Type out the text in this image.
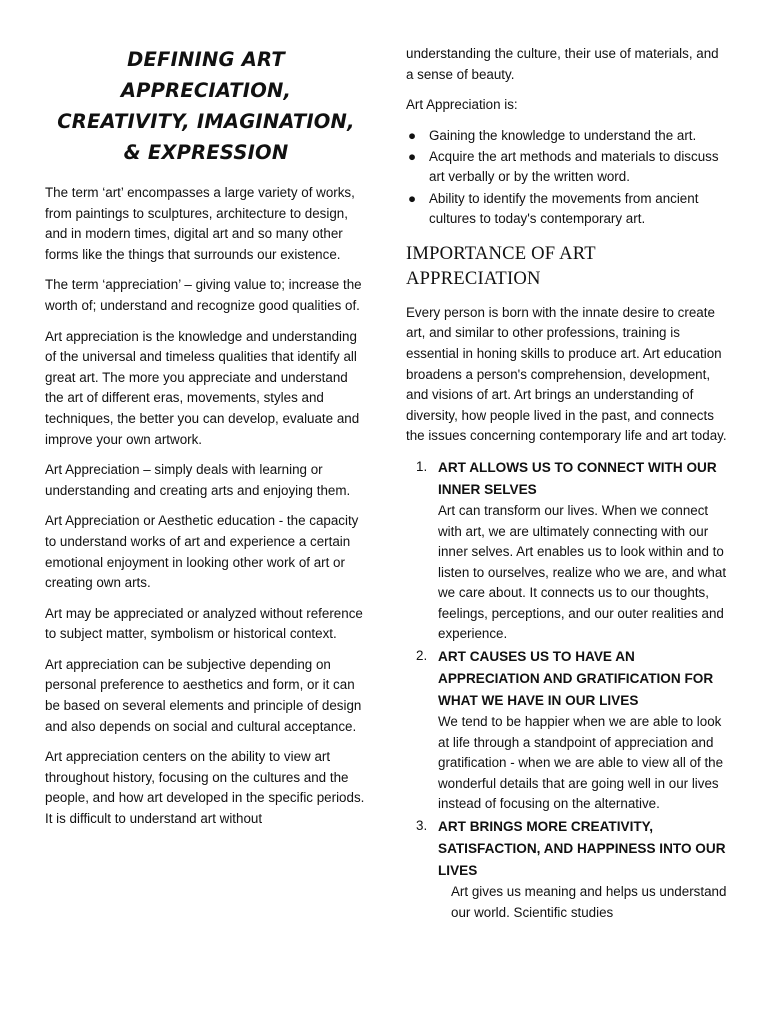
DEFINING ART
APPRECIATION,
CREATIVITY, IMAGINATION,
& EXPRESSION

The term ‘art’ encompasses a large variety of works, from paintings to sculptures, architecture to design, and in modern times, digital art and so many other forms like the things that surrounds our existence.

The term ‘appreciation’ – giving value to; increase the worth of; understand and recognize good qualities of.

Art appreciation is the knowledge and understanding of the universal and timeless qualities that identify all great art. The more you appreciate and understand the art of different eras, movements, styles and techniques, the better you can develop, evaluate and improve your own artwork.

Art Appreciation – simply deals with learning or understanding and creating arts and enjoying them.

Art Appreciation or Aesthetic education - the capacity to understand works of art and experience a certain emotional enjoyment in looking other work of art or creating own arts.

Art may be appreciated or analyzed without reference to subject matter, symbolism or historical context.

Art appreciation can be subjective depending on personal preference to aesthetics and form, or it can be based on several elements and principle of design and also depends on social and cultural acceptance.

Art appreciation centers on the ability to view art throughout history, focusing on the cultures and the people, and how art developed in the specific periods. It is difficult to understand art without

understanding the culture, their use of materials, and a sense of beauty.

Art Appreciation is:

● Gaining the knowledge to understand the art.
● Acquire the art methods and materials to discuss art verbally or by the written word.
● Ability to identify the movements from ancient cultures to today's contemporary art.
IMPORTANCE OF ART
APPRECIATION

Every person is born with the innate desire to create art, and similar to other professions, training is essential in honing skills to produce art. Art education broadens a person's comprehension, development, and visions of art. Art brings an understanding of diversity, how people lived in the past, and connects the issues concerning contemporary life and art today.

1. ART ALLOWS US TO CONNECT WITH OUR INNER SELVES
Art can transform our lives. When we connect with art, we are ultimately connecting with our inner selves. Art enables us to look within and to listen to ourselves, realize who we are, and what we care about. It connects us to our thoughts, feelings, perceptions, and our outer realities and experience.
2. ART CAUSES US TO HAVE AN APPRECIATION AND GRATIFICATION FOR WHAT WE HAVE IN OUR LIVES
We tend to be happier when we are able to look at life through a standpoint of appreciation and gratification - when we are able to view all of the wonderful details that are going well in our lives instead of focusing on the alternative.
3. ART BRINGS MORE CREATIVITY, SATISFACTION, AND HAPPINESS INTO OUR LIVES
Art gives us meaning and helps us understand our world. Scientific studies
